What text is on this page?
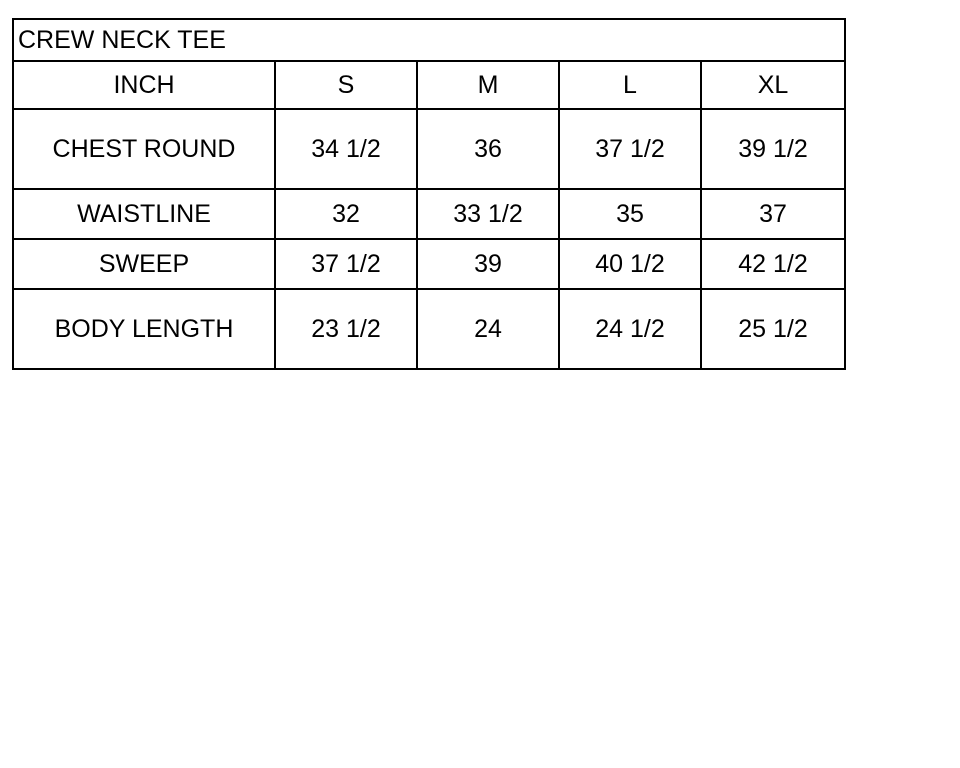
CREW NECK TEE				
INCH	S	M	L	XL
CHEST ROUND	34 1/2	36	37 1/2	39 1/2
WAISTLINE	32	33 1/2	35	37
SWEEP	37 1/2	39	40 1/2	42 1/2
BODY LENGTH	23 1/2	24	24 1/2	25 1/2
